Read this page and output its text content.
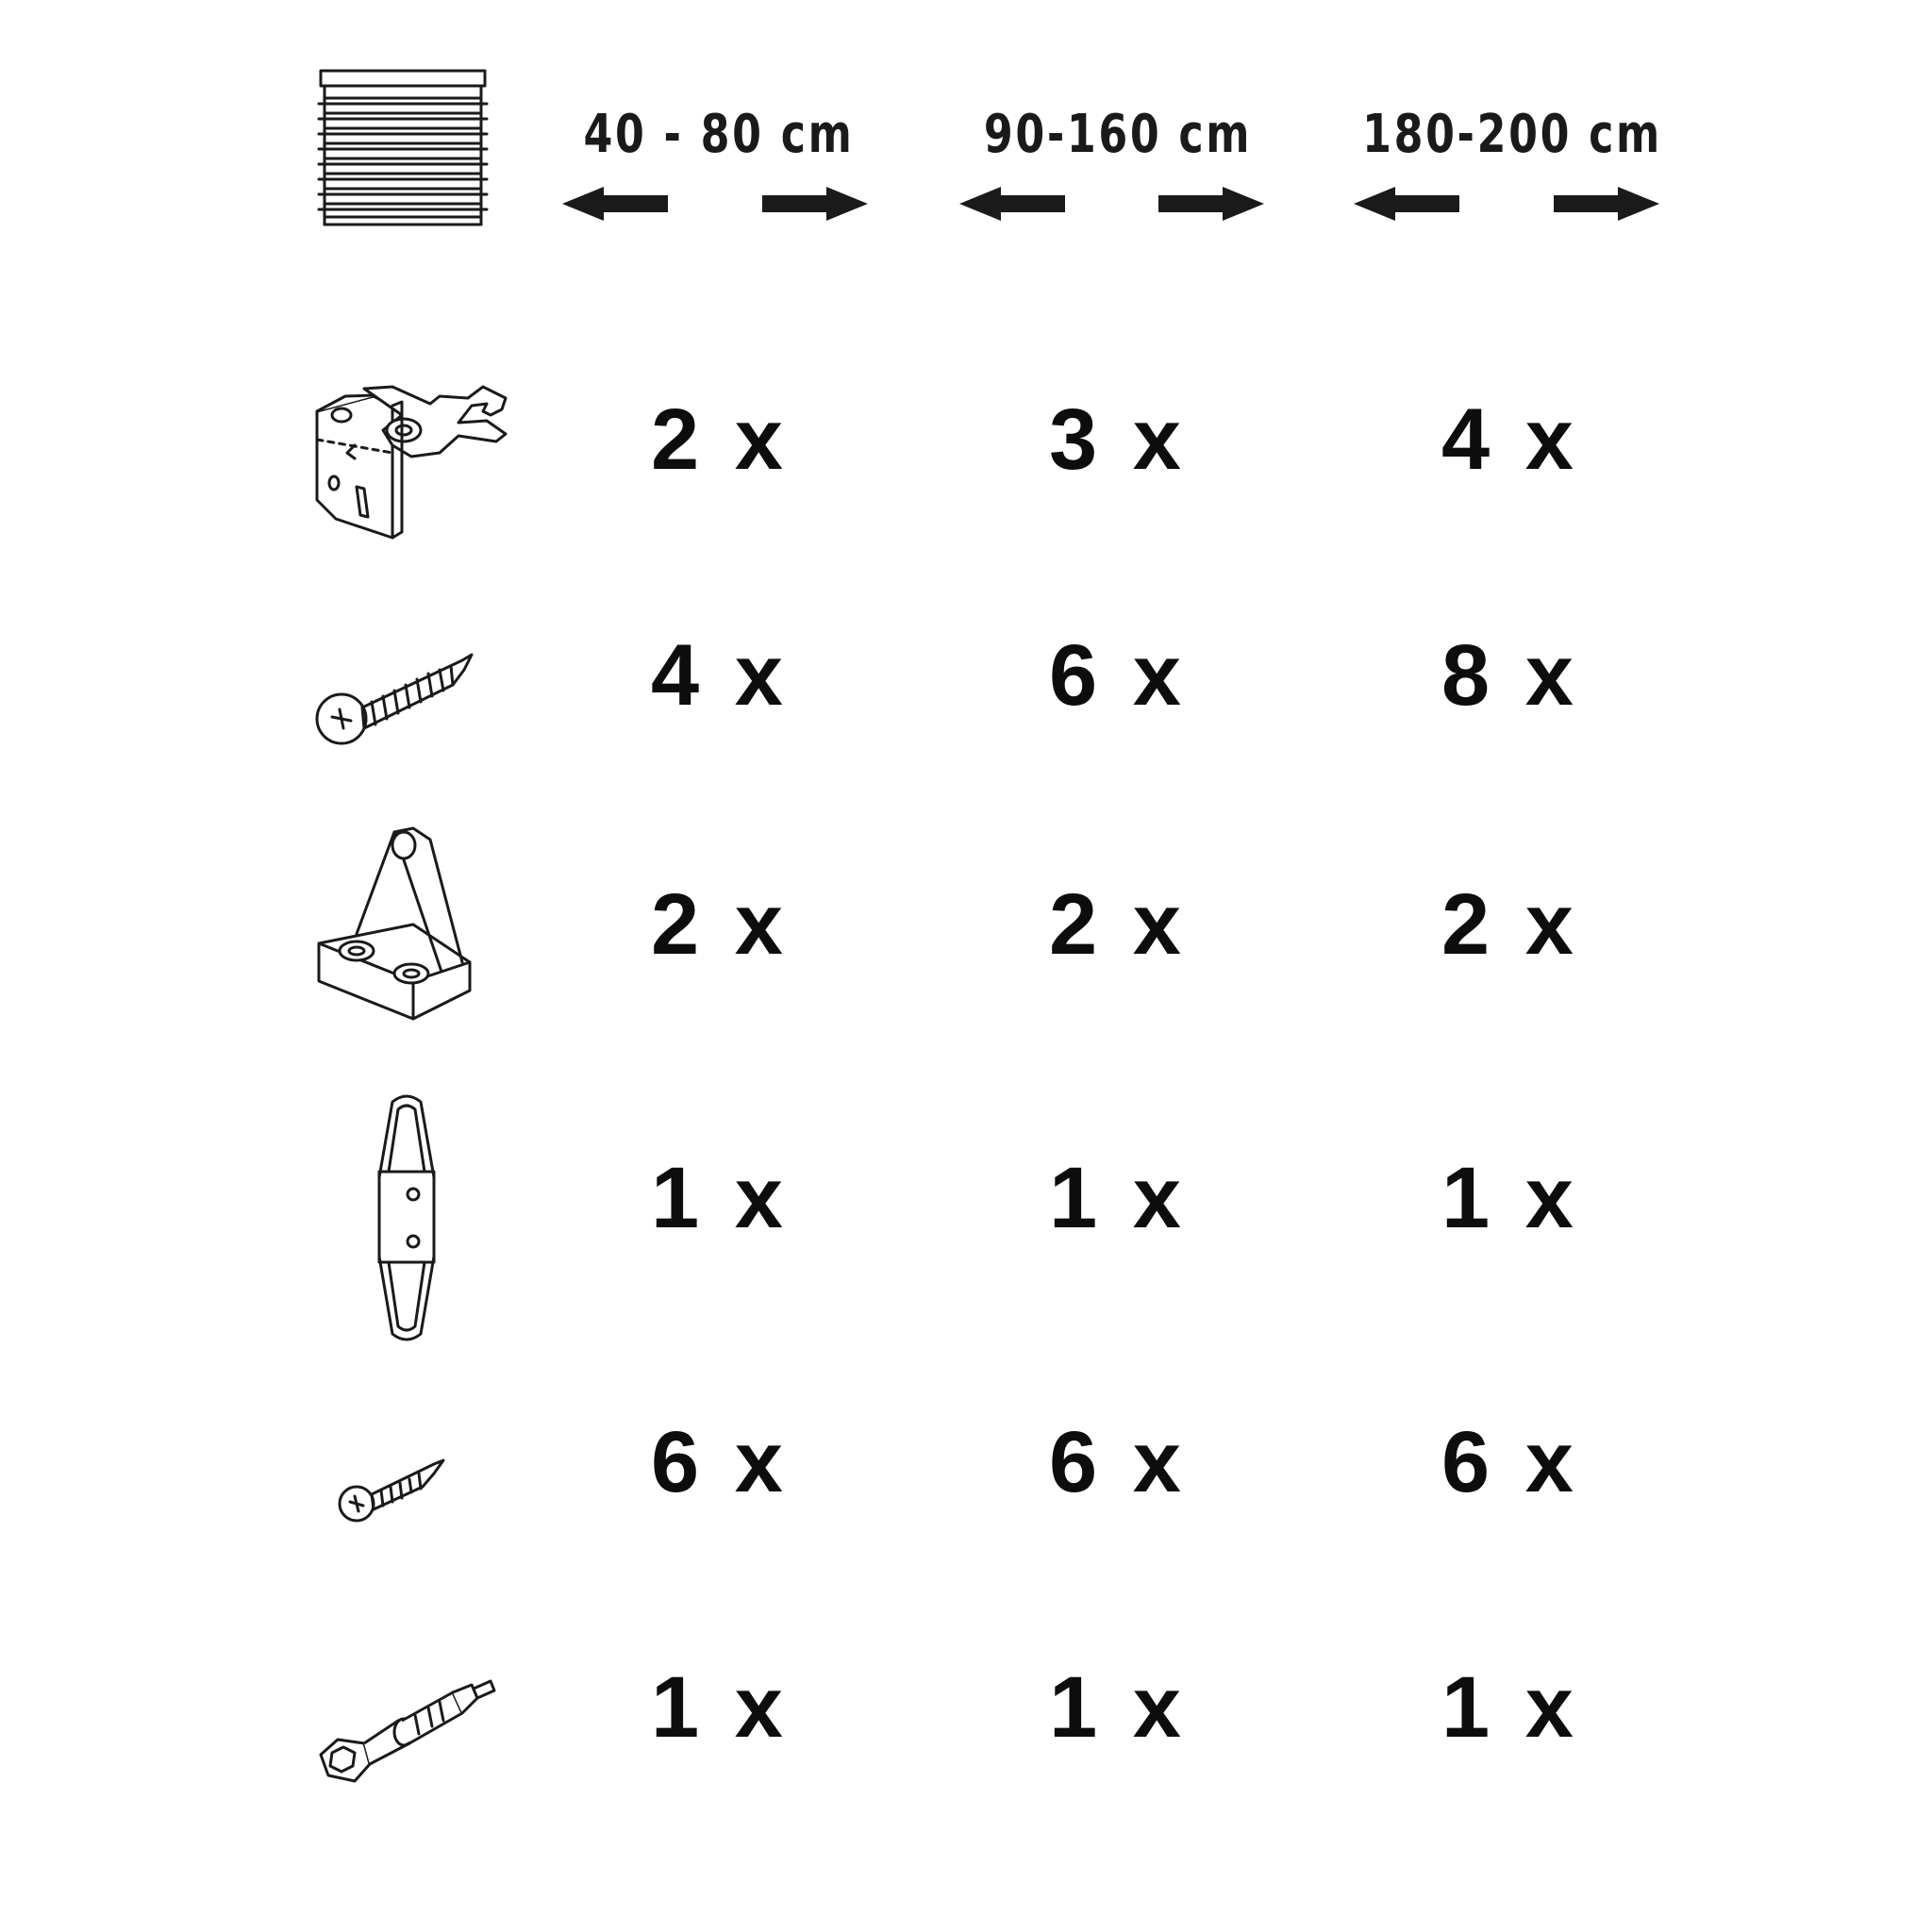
40 - 80 cm	90-160 cm	180-200 cm
2 x	3 x	4 x
4 x	6 x	8 x
2 x	2 x	2 x
1 x	1 x	1 x
6 x	6 x	6 x
1 x	1 x	1 x
